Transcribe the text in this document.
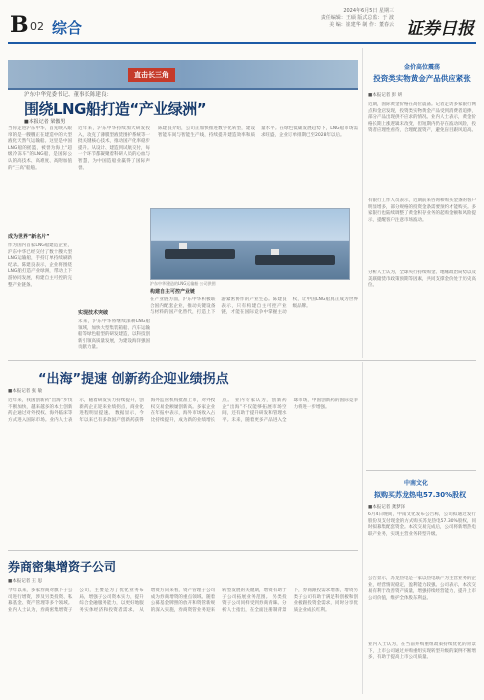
B 02 综合
2024年6月5日 星期三
责任编辑：王硕 版式总监：于 波
美 编：崔建华 制 作：董春云 证券日报
直击长三角
沪东中华党委书记、董事长陈建良：
围绕LNG船打造“产业绿洲”
■本报记者 梁傲男
当你走进沪东中华，首先映入眼帘的是一艘艘正在建造中的大型液化天然气运输船。这里是中国LNG船的摇篮，被誉为海上“超级冷冻车”的LNG船，是国际公认的高技术、高难度、高附加值的“三高”船舶。
成为世界“新名片”
作为国内首家LNG船建造企业，沪东中华已经交付了数十艘大型LNG运输船，手持订单持续刷新纪录。陈建良表示，企业将围绕LNG船打造产业绿洲，带动上下游协同发展，构建自主可控的完整产业链条。
近年来，沪东中华持续加大研发投入，攻克了薄膜型液货围护系统等一批关键核心技术，推动国产化率稳步提升。从设计、建造到试航交付，每一个环节都凝聚着科研人员的心血与智慧，为中国造船业赢得了国际声誉。
实现技术突破
未来，沪东中华将继续深耕LNG船领域，加快大型集装箱船、汽车运输船等绿色船型的研发建造，以科技创新引领高质量发展，为建设海洋强国贡献力量。
陈建良介绍，公司正加快推进数字化转型，建设智能车间与智能生产线，持续提升建造效率和质量水平。在绿色低碳发展趋势下，LNG船市场需求旺盛，企业订单排期已至2028年以后。
沪东中华建造的LNG运输船 公司供图
构建自主可控产业链
在产业链方面，沪东中华积极联合国内配套企业，推动关键设备与材料的国产化替代，打造上下游紧密协作的产业生态。陈建良表示，只有构建自主可控产业链，才能在国际竞争中掌握主动权，让中国LNG船真正成为世界级品牌。
金价高位震荡
投资类实物黄金产品供应紧张
■本报记者 彭 妍
近期，国际黄金价格在高位震荡。记者走访多家银行网点和金店发现，投资类实物黄金产品受到消费者追捧，部分产品出现供不应求的情况。业内人士表示，黄金价格长期上涨逻辑未改变，但短期内仍存在波动风险，投资者应理性看待，合理配置资产，避免盲目跟风追高。
有银行工作人员表示，近期前来咨询和购买金条的客户明显增多，部分规格的投资金条需要预约才能购买。多家银行也陆续调整了黄金积存业务的起购金额和风险提示，提醒客户注意市场波动。
分析人士认为，全球央行持续购金、地缘政治局势以及美联储货币政策预期等因素，共同支撑金价处于历史高位。
“出海”提速 创新药企迎业绩拐点
■本报记者 张 敏
近年来，我国创新药“出海”步伐不断加快，越来越多的本土创新药企通过对外授权、海外临床等方式进入国际市场。业内人士表示，随着研发实力持续提升，创新药企正迎来业绩拐点，商业化进程明显提速。 数据显示，今年以来已有多款国产创新药获得海外监管机构批准上市，对外授权交易金额屡创新高。多家企业在年报中表示，海外市场收入占比持续提升，成为新的业绩增长点。 业内专家认为，创新药企“出海”不仅能够拓展市场空间，还有助于提升研发和管理水平。未来，随着更多产品进入全球市场，中国创新药的国际竞争力将进一步增强。
券商密集增资子公司
■本报记者 王 思
今年以来，多家券商对旗下子公司进行增资，涉及另类投资、私募基金、资产管理等多个领域。业内人士认为，券商密集增资子公司，主要是为了优化业务布局，增强子公司资本实力，提升综合金融服务能力，以更好地服务实体经济和投资者需求。 从增资方向来看，资产管理子公司成为券商增资的重点领域。随着公募基金牌照的放开和资管新规的深入实施，券商资管业务迎来转型发展的关键期，增资有助于子公司拓展业务范围。 另类投资子公司同样受到券商青睐。分析人士指出，在全面注册制背景下，券商跟投需求增加，增资另类子公司有助于满足科创板和创业板跟投资金需求，同时分享优质企业成长红利。
中南文化
拟购买苏龙热电57.30%股权
■本报记者 龚梦泽
6月4日晚间，中南文化发布公告称，公司拟通过发行股份及支付现金的方式购买苏龙热电57.30%股权，同时拟募集配套资金。本次交易完成后，公司将新增热电联产业务，实现主营业务转型升级。
公告显示，苏龙热电是一家以热电联产为主营业务的企业，经营情况稳定，盈利能力较强。公司表示，本次交易有利于改善资产质量，增强持续经营能力，提升上市公司价值，维护全体股东利益。
业内人士认为，在当前并购重组政策持续优化的背景下，上市公司通过并购重组实现转型升级的案例不断增多，有助于提高上市公司质量。
